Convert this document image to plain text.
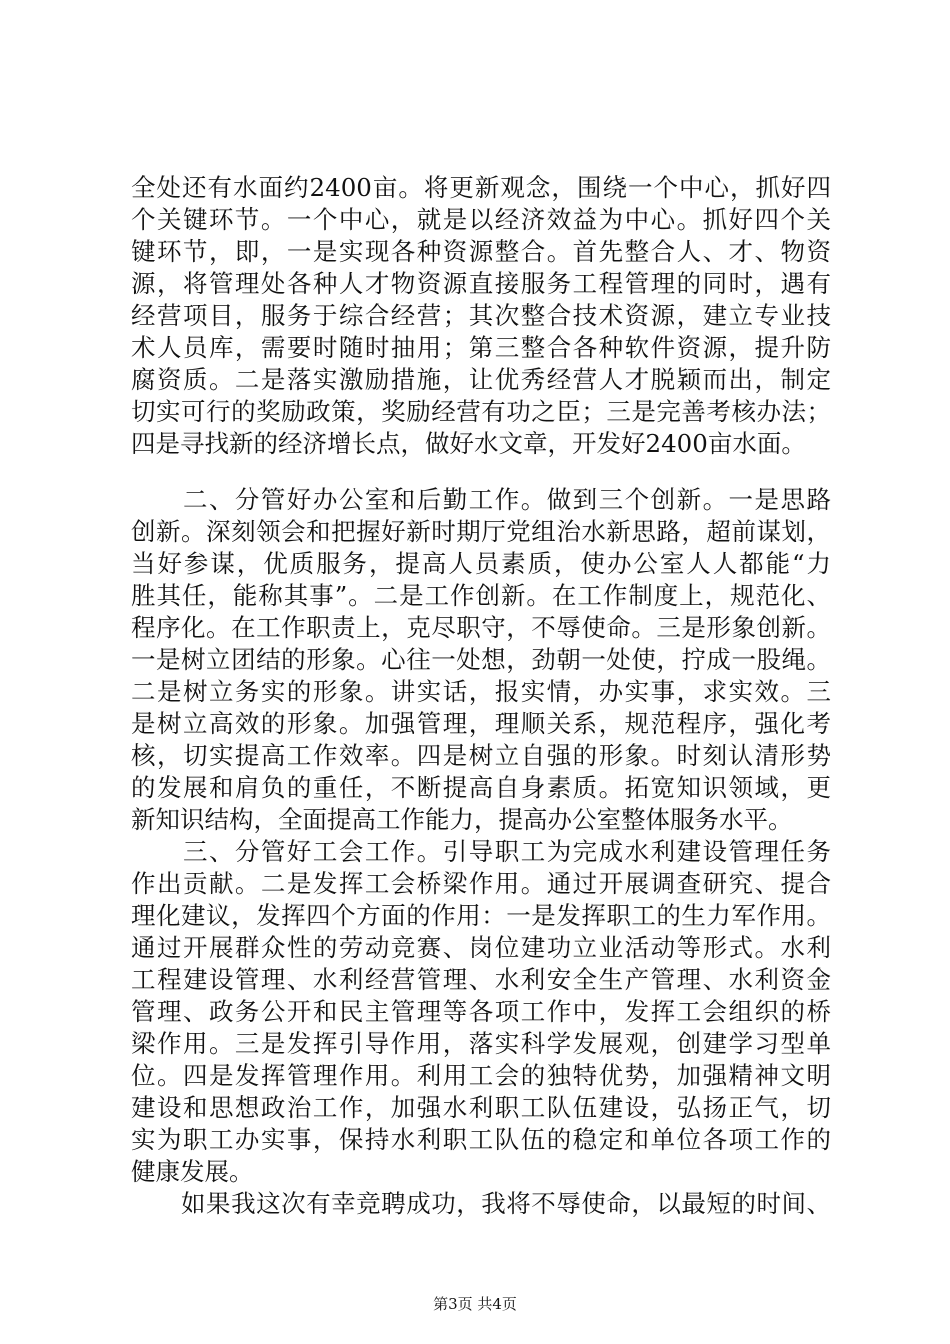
全处还有水面约2400亩。将更新观念，围绕一个中心，抓好四
个关键环节。一个中心，就是以经济效益为中心。抓好四个关
键环节，即，一是实现各种资源整合。首先整合人、才、物资
源，将管理处各种人才物资源直接服务工程管理的同时，遇有
经营项目，服务于综合经营；其次整合技术资源，建立专业技
术人员库，需要时随时抽用；第三整合各种软件资源，提升防
腐资质。二是落实激励措施，让优秀经营人才脱颖而出，制定
切实可行的奖励政策，奖励经营有功之臣；三是完善考核办法；
四是寻找新的经济增长点，做好水文章，开发好2400亩水面。
　　二、分管好办公室和后勤工作。做到三个创新。一是思路
创新。深刻领会和把握好新时期厅党组治水新思路，超前谋划，
当好参谋，优质服务，提高人员素质，使办公室人人都能“力
胜其任，能称其事”。二是工作创新。在工作制度上，规范化、
程序化。在工作职责上，克尽职守，不辱使命。三是形象创新。
一是树立团结的形象。心往一处想，劲朝一处使，拧成一股绳。
二是树立务实的形象。讲实话，报实情，办实事，求实效。三
是树立高效的形象。加强管理，理顺关系，规范程序，强化考
核，切实提高工作效率。四是树立自强的形象。时刻认清形势
的发展和肩负的重任，不断提高自身素质。拓宽知识领域，更
新知识结构，全面提高工作能力，提高办公室整体服务水平。
　　三、分管好工会工作。引导职工为完成水利建设管理任务
作出贡献。二是发挥工会桥梁作用。通过开展调查研究、提合
理化建议，发挥四个方面的作用：一是发挥职工的生力军作用。
通过开展群众性的劳动竞赛、岗位建功立业活动等形式。水利
工程建设管理、水利经营管理、水利安全生产管理、水利资金
管理、政务公开和民主管理等各项工作中，发挥工会组织的桥
梁作用。三是发挥引导作用，落实科学发展观，创建学习型单
位。四是发挥管理作用。利用工会的独特优势，加强精神文明
建设和思想政治工作，加强水利职工队伍建设，弘扬正气，切
实为职工办实事，保持水利职工队伍的稳定和单位各项工作的
健康发展。
　　如果我这次有幸竞聘成功，我将不辱使命，以最短的时间、
第3页 共4页
